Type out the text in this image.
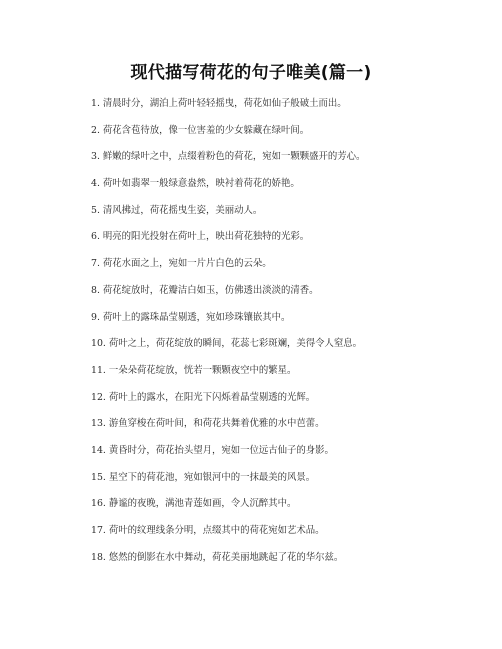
现代描写荷花的句子唯美(篇一)
1. 清晨时分，湖泊上荷叶轻轻摇曳，荷花如仙子般破土而出。
2. 荷花含苞待放，像一位害羞的少女躲藏在绿叶间。
3. 鲜嫩的绿叶之中，点缀着粉色的荷花，宛如一颗颗盛开的芳心。
4. 荷叶如翡翠一般绿意盎然，映衬着荷花的娇艳。
5. 清风拂过，荷花摇曳生姿，美丽动人。
6. 明亮的阳光投射在荷叶上，映出荷花独特的光彩。
7. 荷花水面之上，宛如一片片白色的云朵。
8. 荷花绽放时，花瓣洁白如玉，仿佛透出淡淡的清香。
9. 荷叶上的露珠晶莹剔透，宛如珍珠镶嵌其中。
10. 荷叶之上，荷花绽放的瞬间，花蕊七彩斑斓，美得令人窒息。
11. 一朵朵荷花绽放，恍若一颗颗夜空中的繁星。
12. 荷叶上的露水，在阳光下闪烁着晶莹剔透的光辉。
13. 游鱼穿梭在荷叶间，和荷花共舞着优雅的水中芭蕾。
14. 黄昏时分，荷花抬头望月，宛如一位远古仙子的身影。
15. 星空下的荷花池，宛如银河中的一抹最美的风景。
16. 静谧的夜晚，满池青莲如画，令人沉醉其中。
17. 荷叶的纹理线条分明，点缀其中的荷花宛如艺术品。
18. 悠然的倒影在水中舞动，荷花美丽地跳起了花的华尔兹。
